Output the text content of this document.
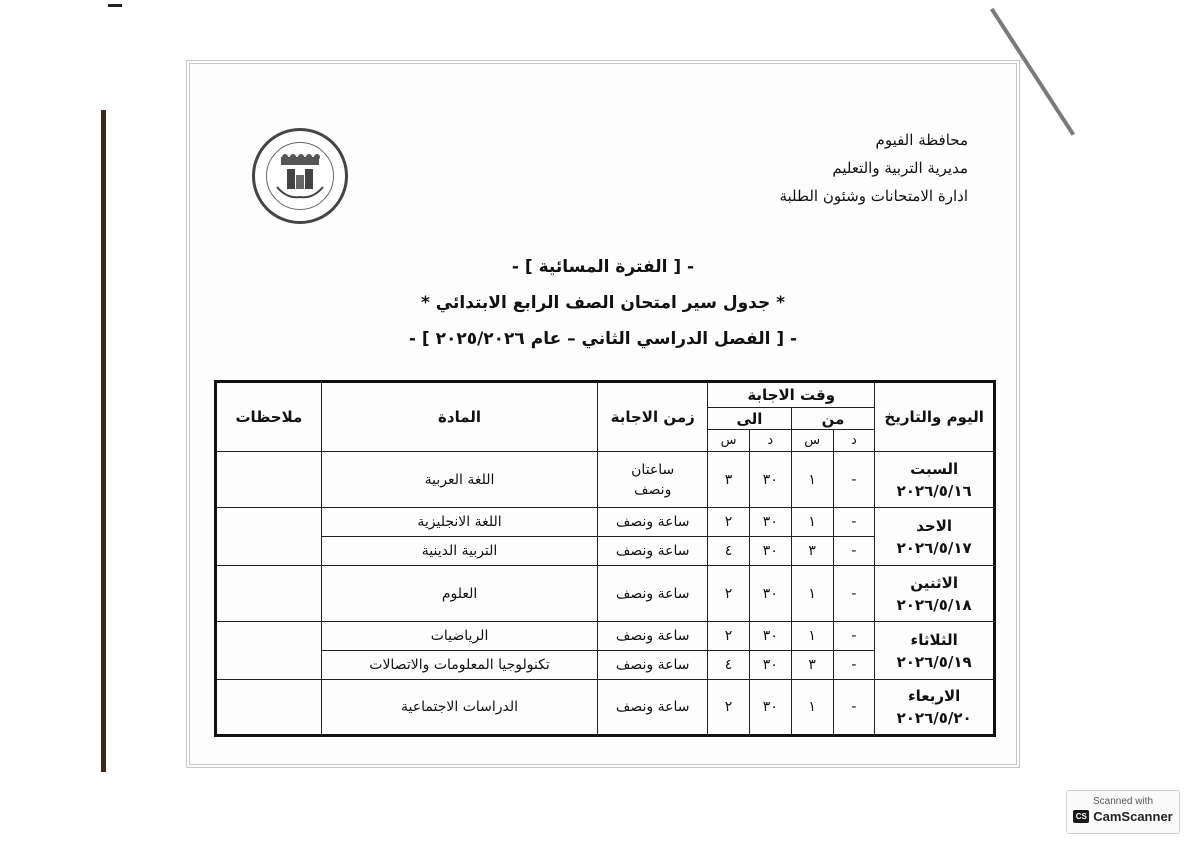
محافظة الفيوم
مديرية التربية والتعليم
ادارة الامتحانات وشئون الطلبة
- [ الفترة المسائية ] -
* جدول سير امتحان الصف الرابع الابتدائي *
- [ الفصل الدراسي الثاني – عام ٢٠٢٥/٢٠٢٦ ] -
اليوم والتاريخ	وقت الاجابة				زمن الاجابة	المادة	ملاحظات
	من		الى				
	د	س	د	س			

السبت
٢٠٢٦/٥/١٦	-	١	٣٠	٣	ساعتان ونصف	اللغة العربية	

الاحد
٢٠٢٦/٥/١٧	-	١	٣٠	٢	ساعة ونصف	اللغة الانجليزية	
	-	٣	٣٠	٤	ساعة ونصف	التربية الدينية	

الاثنين
٢٠٢٦/٥/١٨	-	١	٣٠	٢	ساعة ونصف	العلوم	

الثلاثاء
٢٠٢٦/٥/١٩	-	١	٣٠	٢	ساعة ونصف	الرياضيات	
	-	٣	٣٠	٤	ساعة ونصف	تكنولوجيا المعلومات والاتصالات	

الاربعاء
٢٠٢٦/٥/٢٠	-	١	٣٠	٢	ساعة ونصف	الدراسات الاجتماعية	
Scanned with
CS CamScanner
